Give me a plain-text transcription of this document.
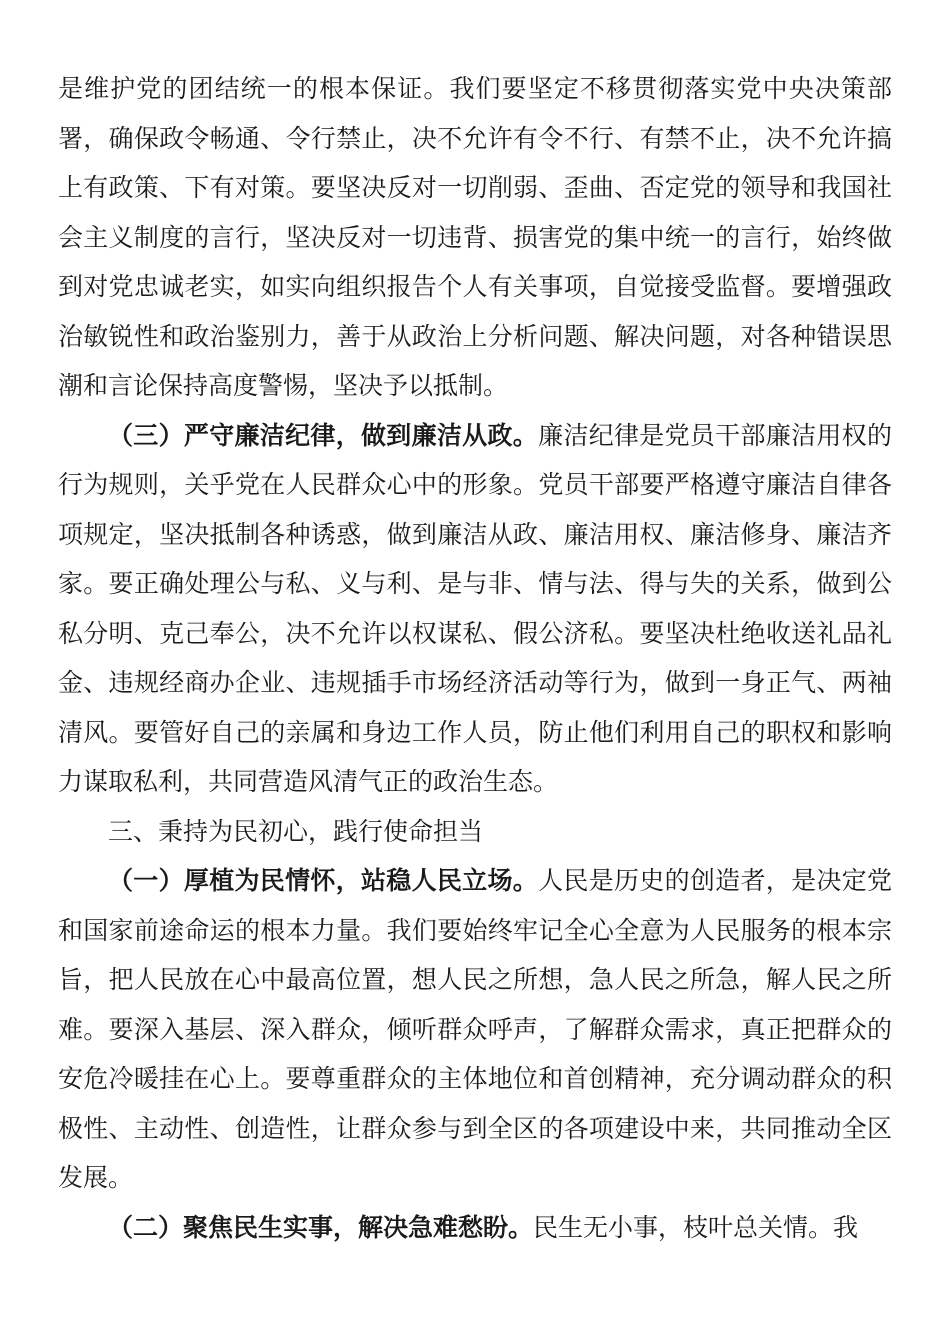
是维护党的团结统一的根本保证。我们要坚定不移贯彻落实党中央决策部署，确保政令畅通、令行禁止，决不允许有令不行、有禁不止，决不允许搞上有政策、下有对策。要坚决反对一切削弱、歪曲、否定党的领导和我国社会主义制度的言行，坚决反对一切违背、损害党的集中统一的言行，始终做到对党忠诚老实，如实向组织报告个人有关事项，自觉接受监督。要增强政治敏锐性和政治鉴别力，善于从政治上分析问题、解决问题，对各种错误思潮和言论保持高度警惕，坚决予以抵制。

（三）严守廉洁纪律，做到廉洁从政。廉洁纪律是党员干部廉洁用权的行为规则，关乎党在人民群众心中的形象。党员干部要严格遵守廉洁自律各项规定，坚决抵制各种诱惑，做到廉洁从政、廉洁用权、廉洁修身、廉洁齐家。要正确处理公与私、义与利、是与非、情与法、得与失的关系，做到公私分明、克己奉公，决不允许以权谋私、假公济私。要坚决杜绝收送礼品礼金、违规经商办企业、违规插手市场经济活动等行为，做到一身正气、两袖清风。要管好自己的亲属和身边工作人员，防止他们利用自己的职权和影响力谋取私利，共同营造风清气正的政治生态。

三、秉持为民初心，践行使命担当

（一）厚植为民情怀，站稳人民立场。人民是历史的创造者，是决定党和国家前途命运的根本力量。我们要始终牢记全心全意为人民服务的根本宗旨，把人民放在心中最高位置，想人民之所想，急人民之所急，解人民之所难。要深入基层、深入群众，倾听群众呼声，了解群众需求，真正把群众的安危冷暖挂在心上。要尊重群众的主体地位和首创精神，充分调动群众的积极性、主动性、创造性，让群众参与到全区的各项建设中来，共同推动全区发展。

（二）聚焦民生实事，解决急难愁盼。民生无小事，枝叶总关情。我
